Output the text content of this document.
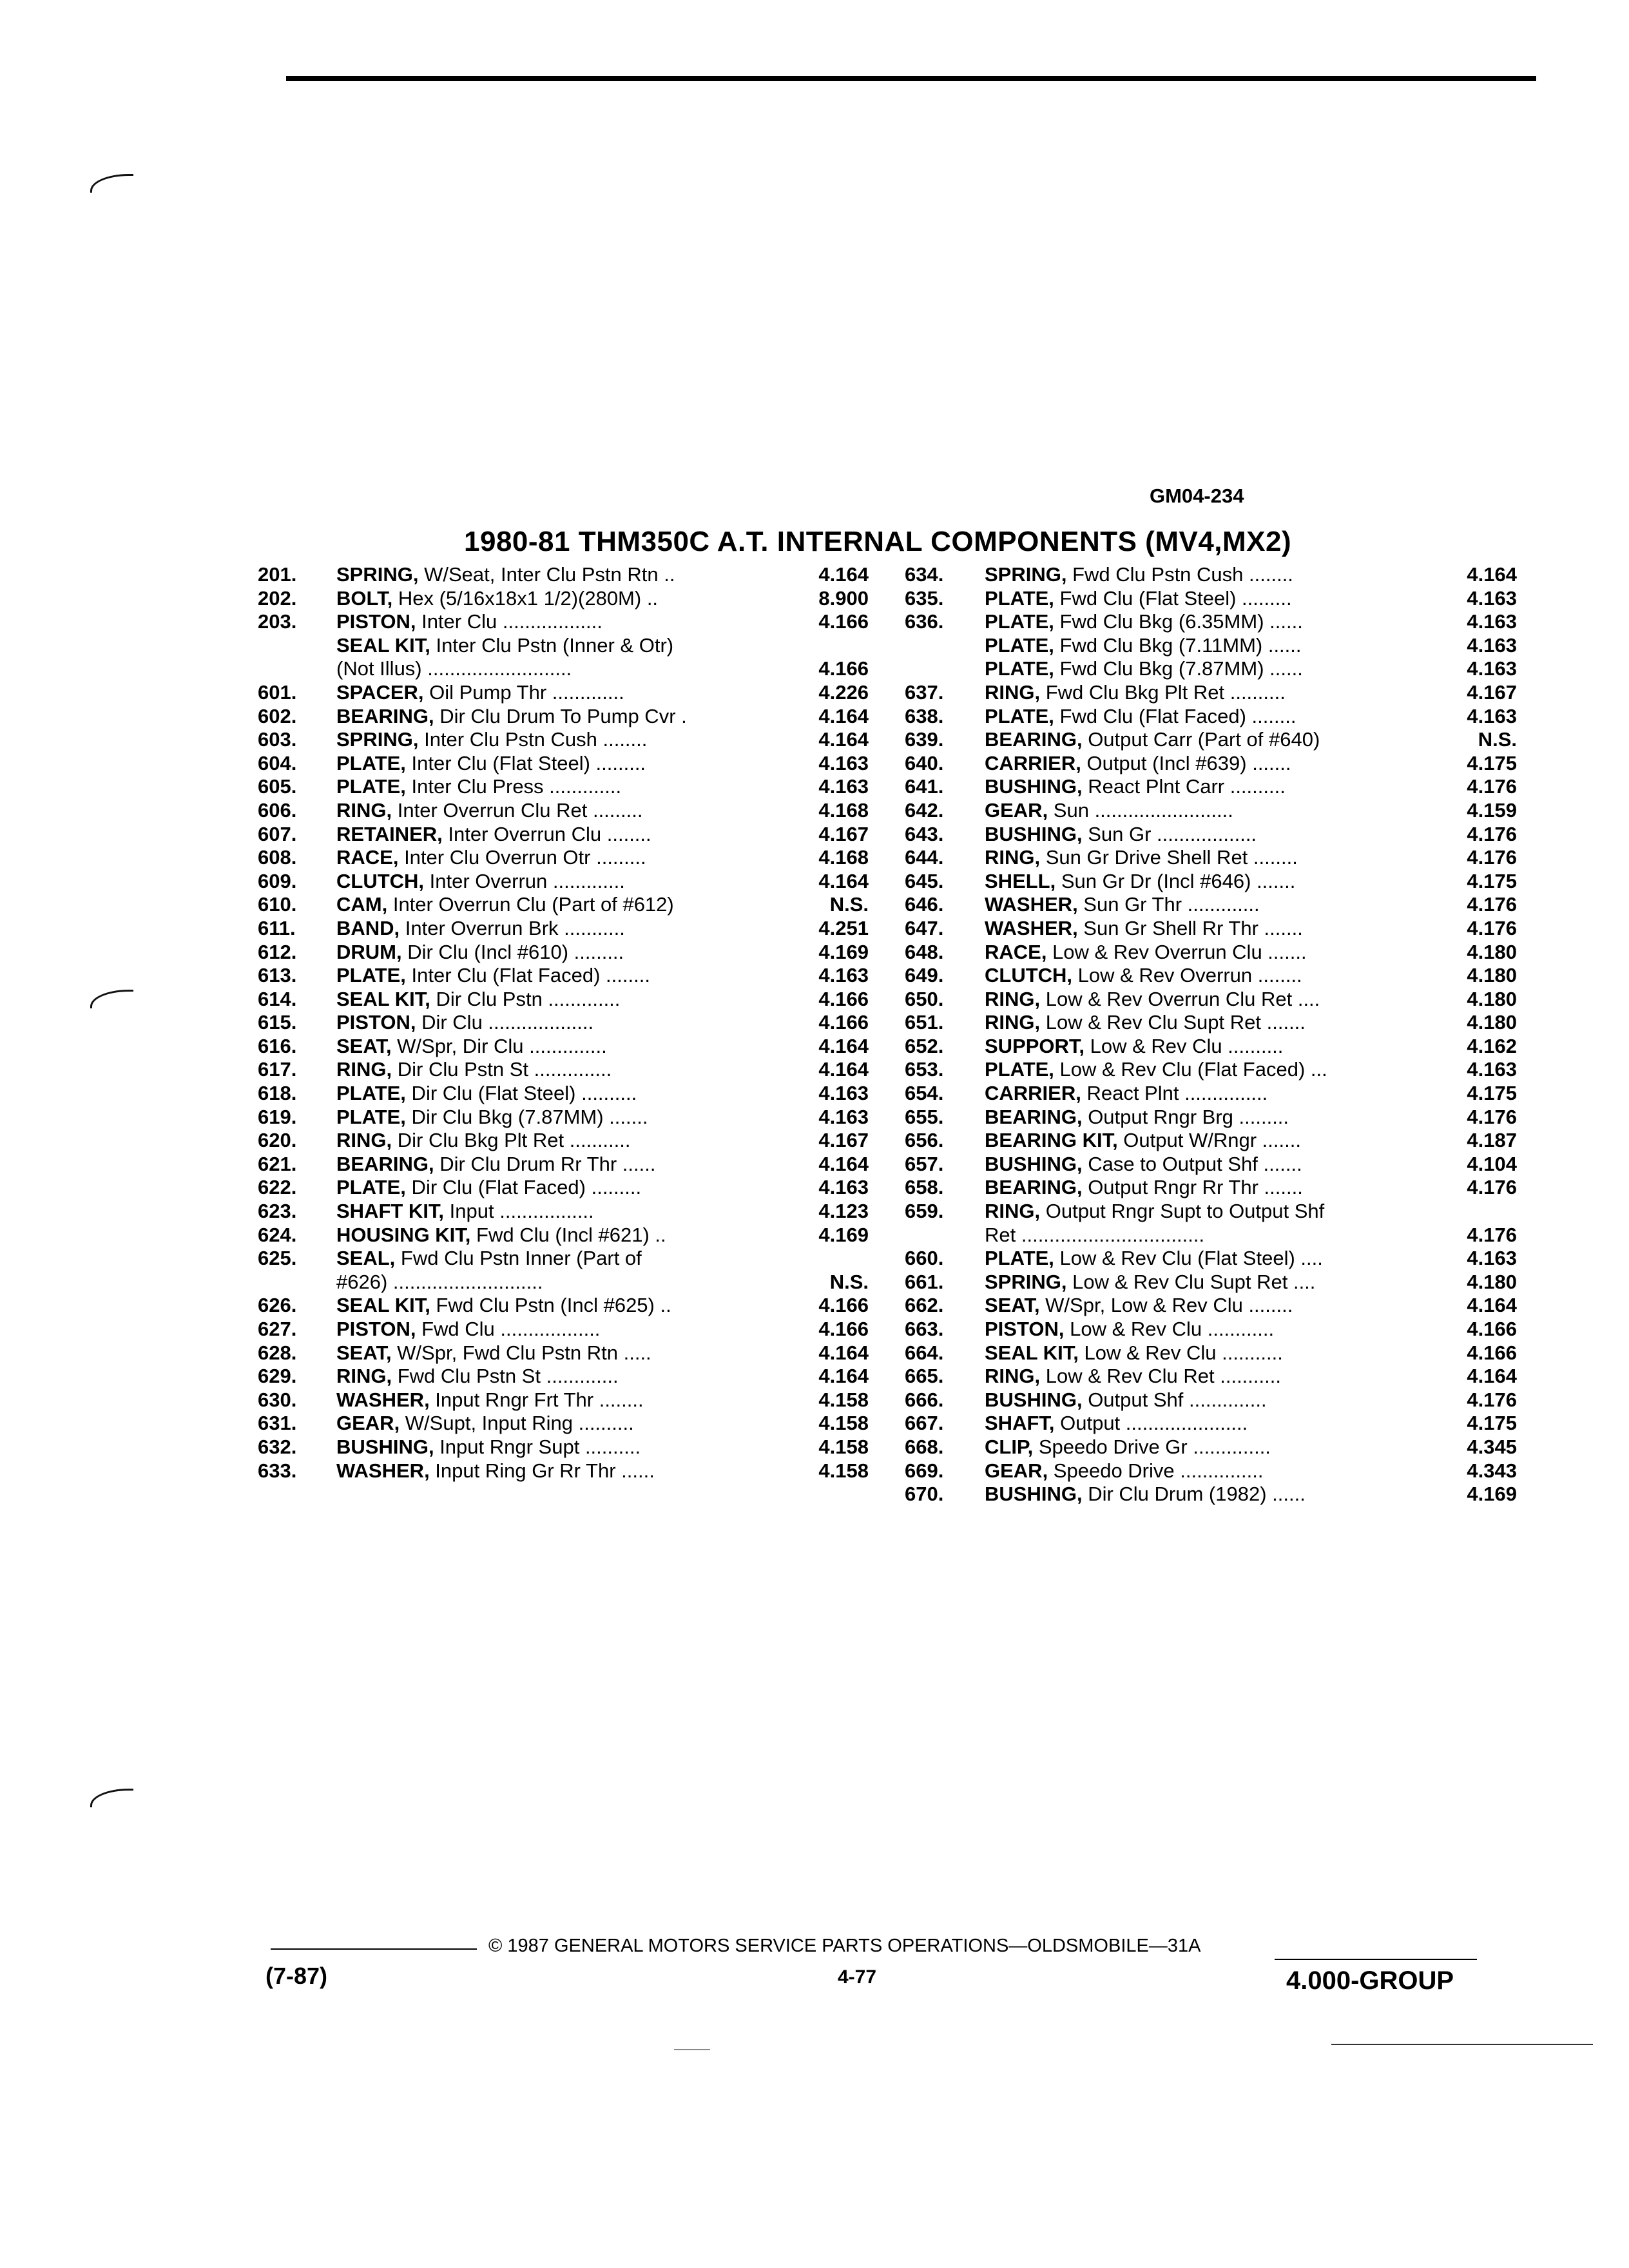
GM04-234
1980-81 THM350C A.T. INTERNAL COMPONENTS (MV4,MX2)
201. SPRING, W/Seat, Inter Clu Pstn Rtn ..	4.164
202. BOLT, Hex (5/16x18x1 1/2)(280M) ..	8.900
203. PISTON, Inter Clu ..................	4.166
SEAL KIT, Inter Clu Pstn (Inner & Otr)
(Not Illus) ..........................	4.166
601. SPACER, Oil Pump Thr .............	4.226
602. BEARING, Dir Clu Drum To Pump Cvr .	4.164
603. SPRING, Inter Clu Pstn Cush ........	4.164
604. PLATE, Inter Clu (Flat Steel) .........	4.163
605. PLATE, Inter Clu Press .............	4.163
606. RING, Inter Overrun Clu Ret .........	4.168
607. RETAINER, Inter Overrun Clu ........	4.167
608. RACE, Inter Clu Overrun Otr .........	4.168
609. CLUTCH, Inter Overrun .............	4.164
610. CAM, Inter Overrun Clu (Part of #612)	N.S.
611. BAND, Inter Overrun Brk ...........	4.251
612. DRUM, Dir Clu (Incl #610) .........	4.169
613. PLATE, Inter Clu (Flat Faced) ........	4.163
614. SEAL KIT, Dir Clu Pstn .............	4.166
615. PISTON, Dir Clu ...................	4.166
616. SEAT, W/Spr, Dir Clu ..............	4.164
617. RING, Dir Clu Pstn St ..............	4.164
618. PLATE, Dir Clu (Flat Steel) ..........	4.163
619. PLATE, Dir Clu Bkg (7.87MM) .......	4.163
620. RING, Dir Clu Bkg Plt Ret ...........	4.167
621. BEARING, Dir Clu Drum Rr Thr ......	4.164
622. PLATE, Dir Clu (Flat Faced) .........	4.163
623. SHAFT KIT, Input .................	4.123
624. HOUSING KIT, Fwd Clu (Incl #621) ..	4.169
625. SEAL, Fwd Clu Pstn Inner (Part of
#626) ...........................	N.S.
626. SEAL KIT, Fwd Clu Pstn (Incl #625) ..	4.166
627. PISTON, Fwd Clu ..................	4.166
628. SEAT, W/Spr, Fwd Clu Pstn Rtn .....	4.164
629. RING, Fwd Clu Pstn St .............	4.164
630. WASHER, Input Rngr Frt Thr ........	4.158
631. GEAR, W/Supt, Input Ring ..........	4.158
632. BUSHING, Input Rngr Supt ..........	4.158
633. WASHER, Input Ring Gr Rr Thr ......	4.158
634. SPRING, Fwd Clu Pstn Cush ........	4.164
635. PLATE, Fwd Clu (Flat Steel) .........	4.163
636. PLATE, Fwd Clu Bkg (6.35MM) ......	4.163
PLATE, Fwd Clu Bkg (7.11MM) ......	4.163
PLATE, Fwd Clu Bkg (7.87MM) ......	4.163
637. RING, Fwd Clu Bkg Plt Ret ..........	4.167
638. PLATE, Fwd Clu (Flat Faced) ........	4.163
639. BEARING, Output Carr (Part of #640)	N.S.
640. CARRIER, Output (Incl #639) .......	4.175
641. BUSHING, React Plnt Carr ..........	4.176
642. GEAR, Sun .........................	4.159
643. BUSHING, Sun Gr ..................	4.176
644. RING, Sun Gr Drive Shell Ret ........	4.176
645. SHELL, Sun Gr Dr (Incl #646) .......	4.175
646. WASHER, Sun Gr Thr .............	4.176
647. WASHER, Sun Gr Shell Rr Thr .......	4.176
648. RACE, Low & Rev Overrun Clu .......	4.180
649. CLUTCH, Low & Rev Overrun ........	4.180
650. RING, Low & Rev Overrun Clu Ret ....	4.180
651. RING, Low & Rev Clu Supt Ret .......	4.180
652. SUPPORT, Low & Rev Clu ..........	4.162
653. PLATE, Low & Rev Clu (Flat Faced) ...	4.163
654. CARRIER, React Plnt ...............	4.175
655. BEARING, Output Rngr Brg .........	4.176
656. BEARING KIT, Output W/Rngr .......	4.187
657. BUSHING, Case to Output Shf .......	4.104
658. BEARING, Output Rngr Rr Thr .......	4.176
659. RING, Output Rngr Supt to Output Shf
Ret .................................	4.176
660. PLATE, Low & Rev Clu (Flat Steel) ....	4.163
661. SPRING, Low & Rev Clu Supt Ret ....	4.180
662. SEAT, W/Spr, Low & Rev Clu ........	4.164
663. PISTON, Low & Rev Clu ............	4.166
664. SEAL KIT, Low & Rev Clu ...........	4.166
665. RING, Low & Rev Clu Ret ...........	4.164
666. BUSHING, Output Shf ..............	4.176
667. SHAFT, Output ......................	4.175
668. CLIP, Speedo Drive Gr ..............	4.345
669. GEAR, Speedo Drive ...............	4.343
670. BUSHING, Dir Clu Drum (1982) ......	4.169
© 1987 GENERAL MOTORS SERVICE PARTS OPERATIONS—OLDSMOBILE—31A
(7-87)	4-77	4.000-GROUP
